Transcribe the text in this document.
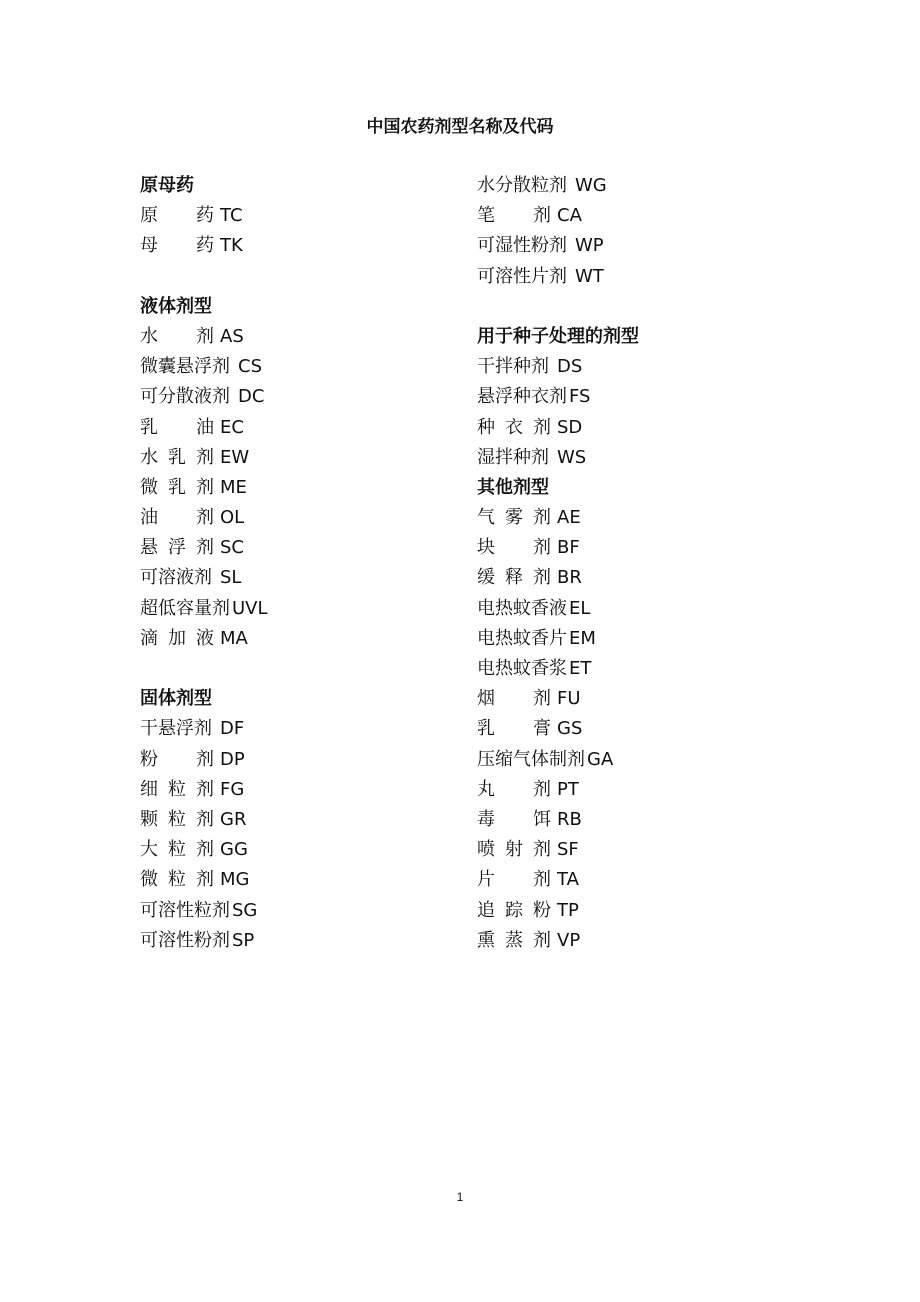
中国农药剂型名称及代码
原母药
原 药 TC
母 药 TK
液体剂型
水 剂 AS
微囊悬浮剂 CS
可分散液剂 DC
乳 油 EC
水 乳 剂 EW
微 乳 剂 ME
油 剂 OL
悬 浮 剂 SC
可溶液剂 SL
超低容量剂 UVL
滴 加 液 MA
固体剂型
干悬浮剂 DF
粉 剂 DP
细 粒 剂 FG
颗 粒 剂 GR
大 粒 剂 GG
微 粒 剂 MG
可溶性粒剂 SG
可溶性粉剂 SP
水分散粒剂 WG
笔 剂 CA
可湿性粉剂 WP
可溶性片剂 WT
用于种子处理的剂型
干拌种剂 DS
悬浮种衣剂 FS
种 衣 剂 SD
湿拌种剂 WS
其他剂型
气 雾 剂 AE
块 剂 BF
缓 释 剂 BR
电热蚊香液 EL
电热蚊香片 EM
电热蚊香浆 ET
烟 剂 FU
乳 膏 GS
压缩气体制剂 GA
丸 剂 PT
毒 饵 RB
喷 射 剂 SF
片 剂 TA
追 踪 粉 TP
熏 蒸 剂 VP
1
